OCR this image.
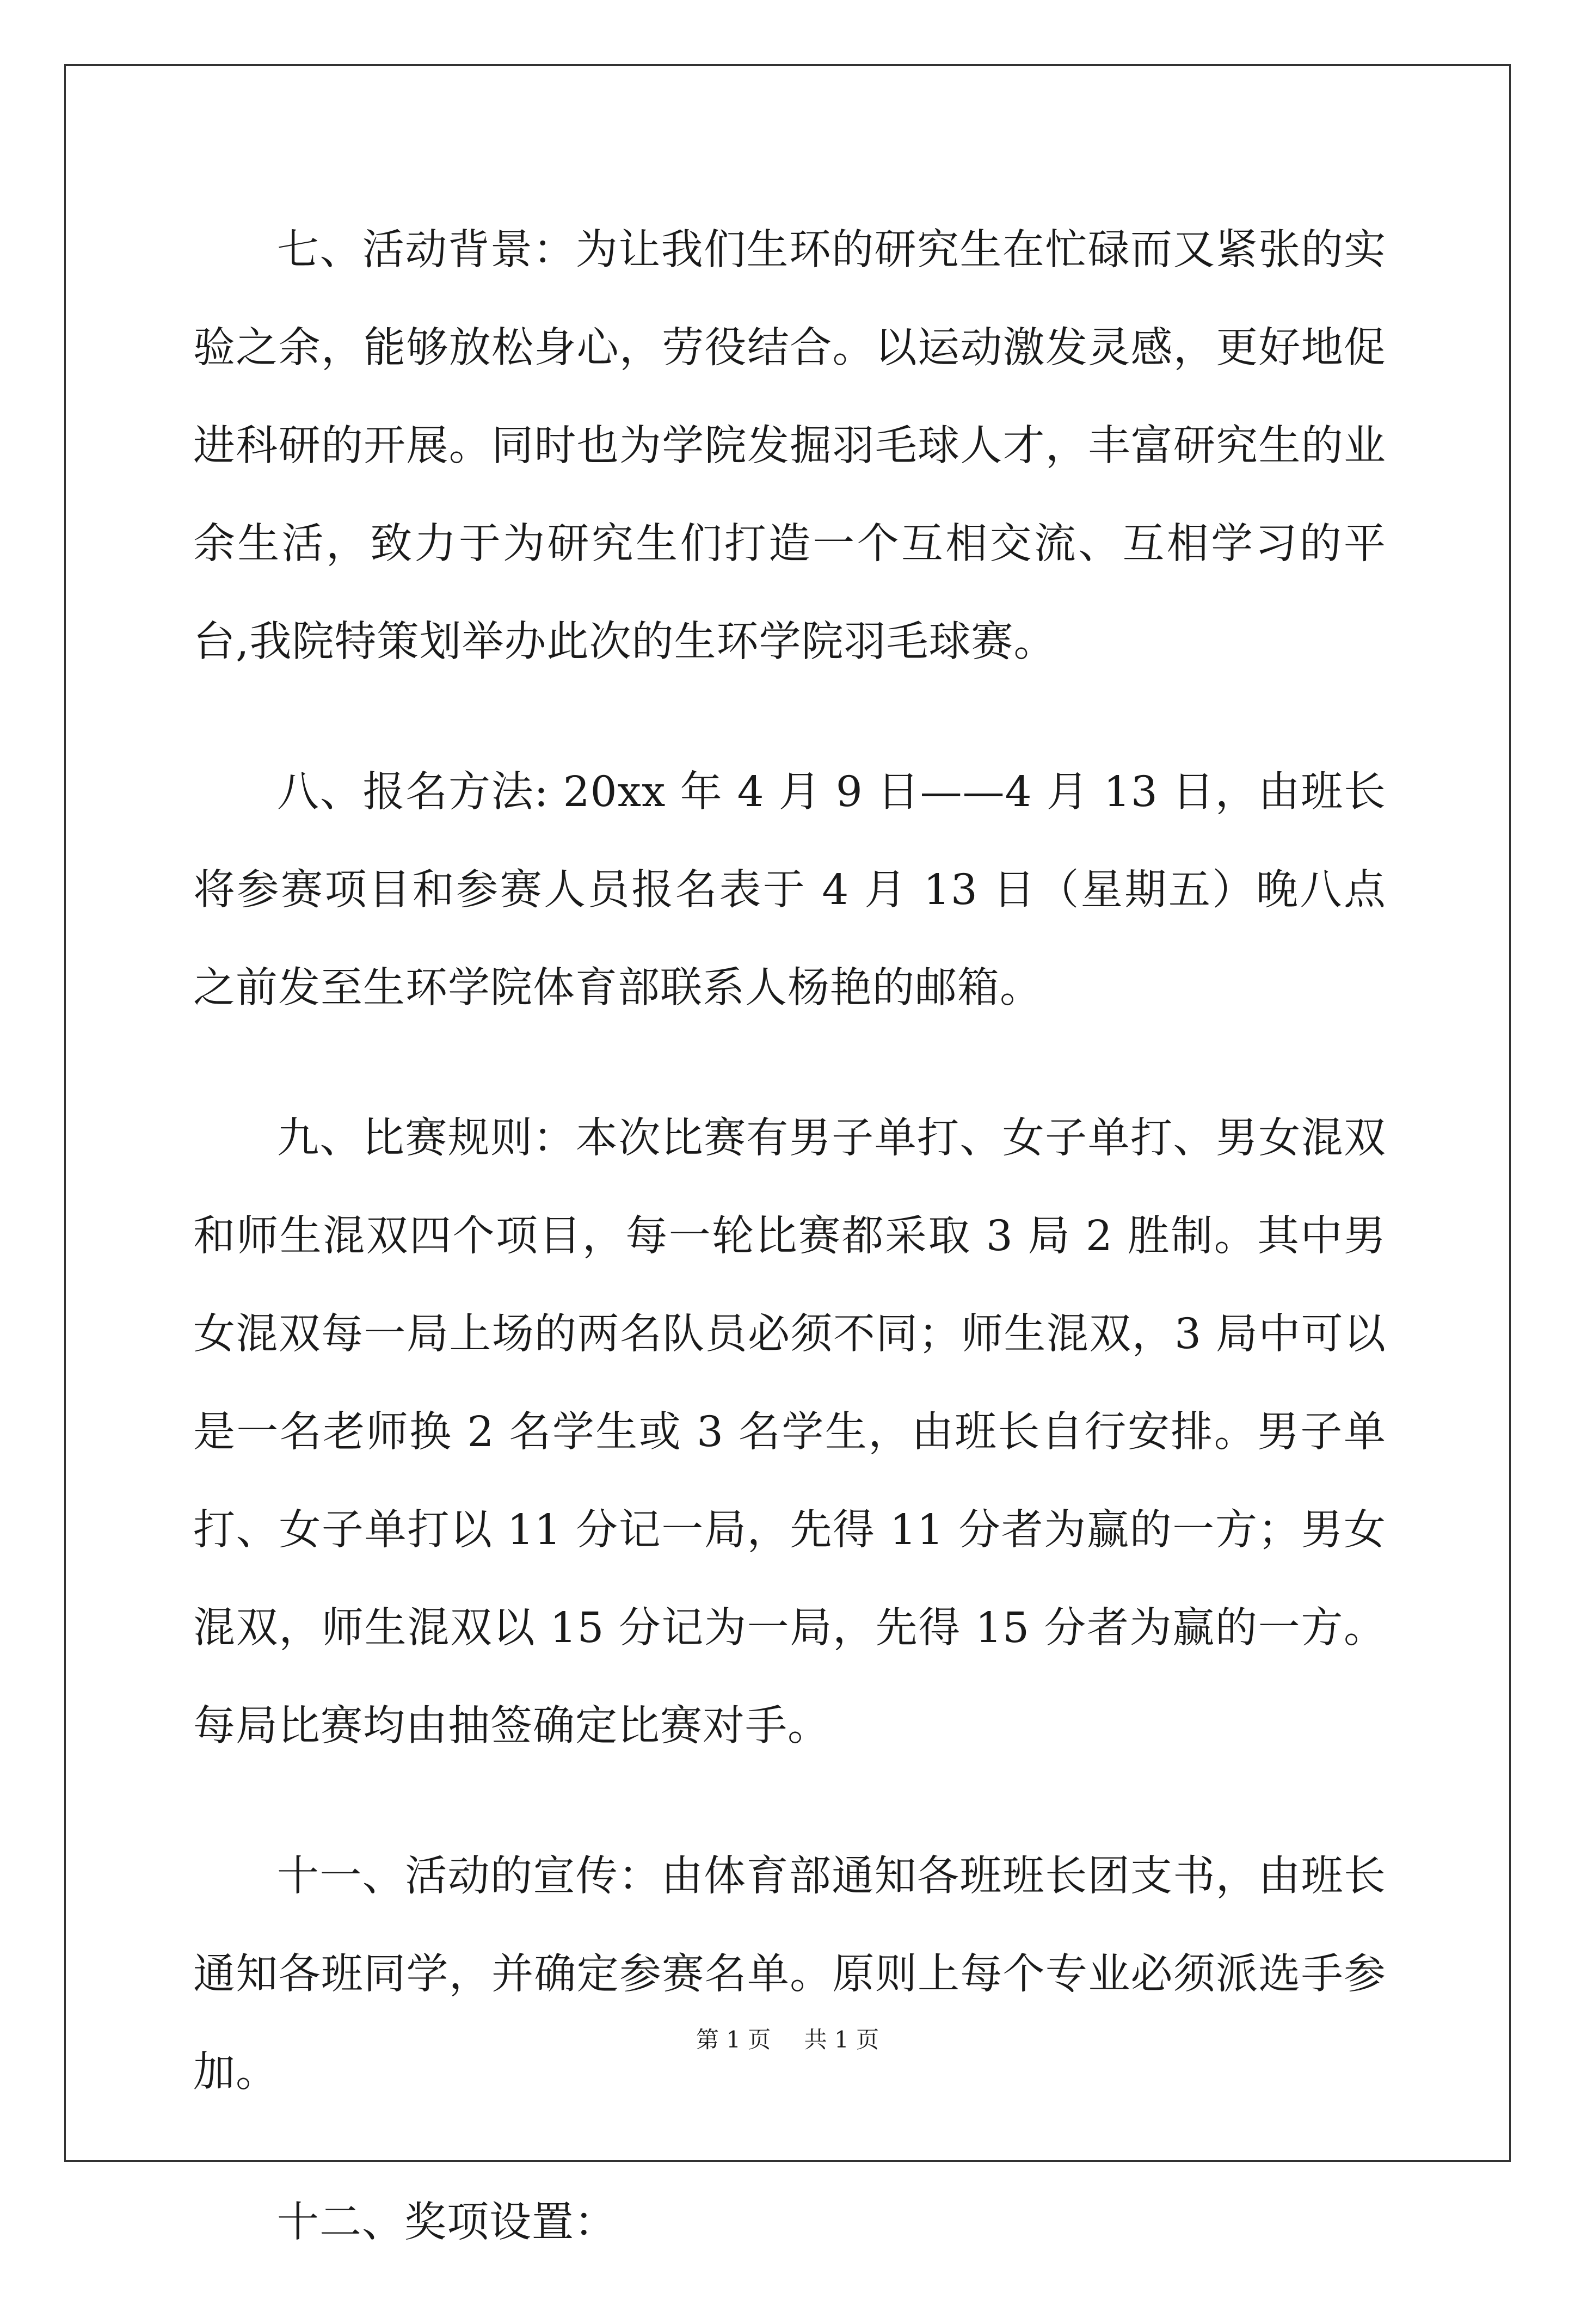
七、活动背景：为让我们生环的研究生在忙碌而又紧张的实验之余，能够放松身心，劳役结合。以运动激发灵感，更好地促进科研的开展。同时也为学院发掘羽毛球人才，丰富研究生的业余生活，致力于为研究生们打造一个互相交流、互相学习的平台,我院特策划举办此次的生环学院羽毛球赛。

八、报名方法: 20xx 年 4 月 9 日——4 月 13 日，由班长将参赛项目和参赛人员报名表于 4 月 13 日（星期五）晚八点之前发至生环学院体育部联系人杨艳的邮箱。

九、比赛规则：本次比赛有男子单打、女子单打、男女混双和师生混双四个项目，每一轮比赛都采取 3 局 2 胜制。其中男女混双每一局上场的两名队员必须不同；师生混双，3 局中可以是一名老师换 2 名学生或 3 名学生，由班长自行安排。男子单打、女子单打以 11 分记一局，先得 11 分者为赢的一方；男女混双，师生混双以 15 分记为一局，先得 15 分者为赢的一方。每局比赛均由抽签确定比赛对手。

十一、活动的宣传：由体育部通知各班班长团支书，由班长通知各班同学，并确定参赛名单。原则上每个专业必须派选手参加。

十二、奖项设置：

第 1 页 共 1 页
